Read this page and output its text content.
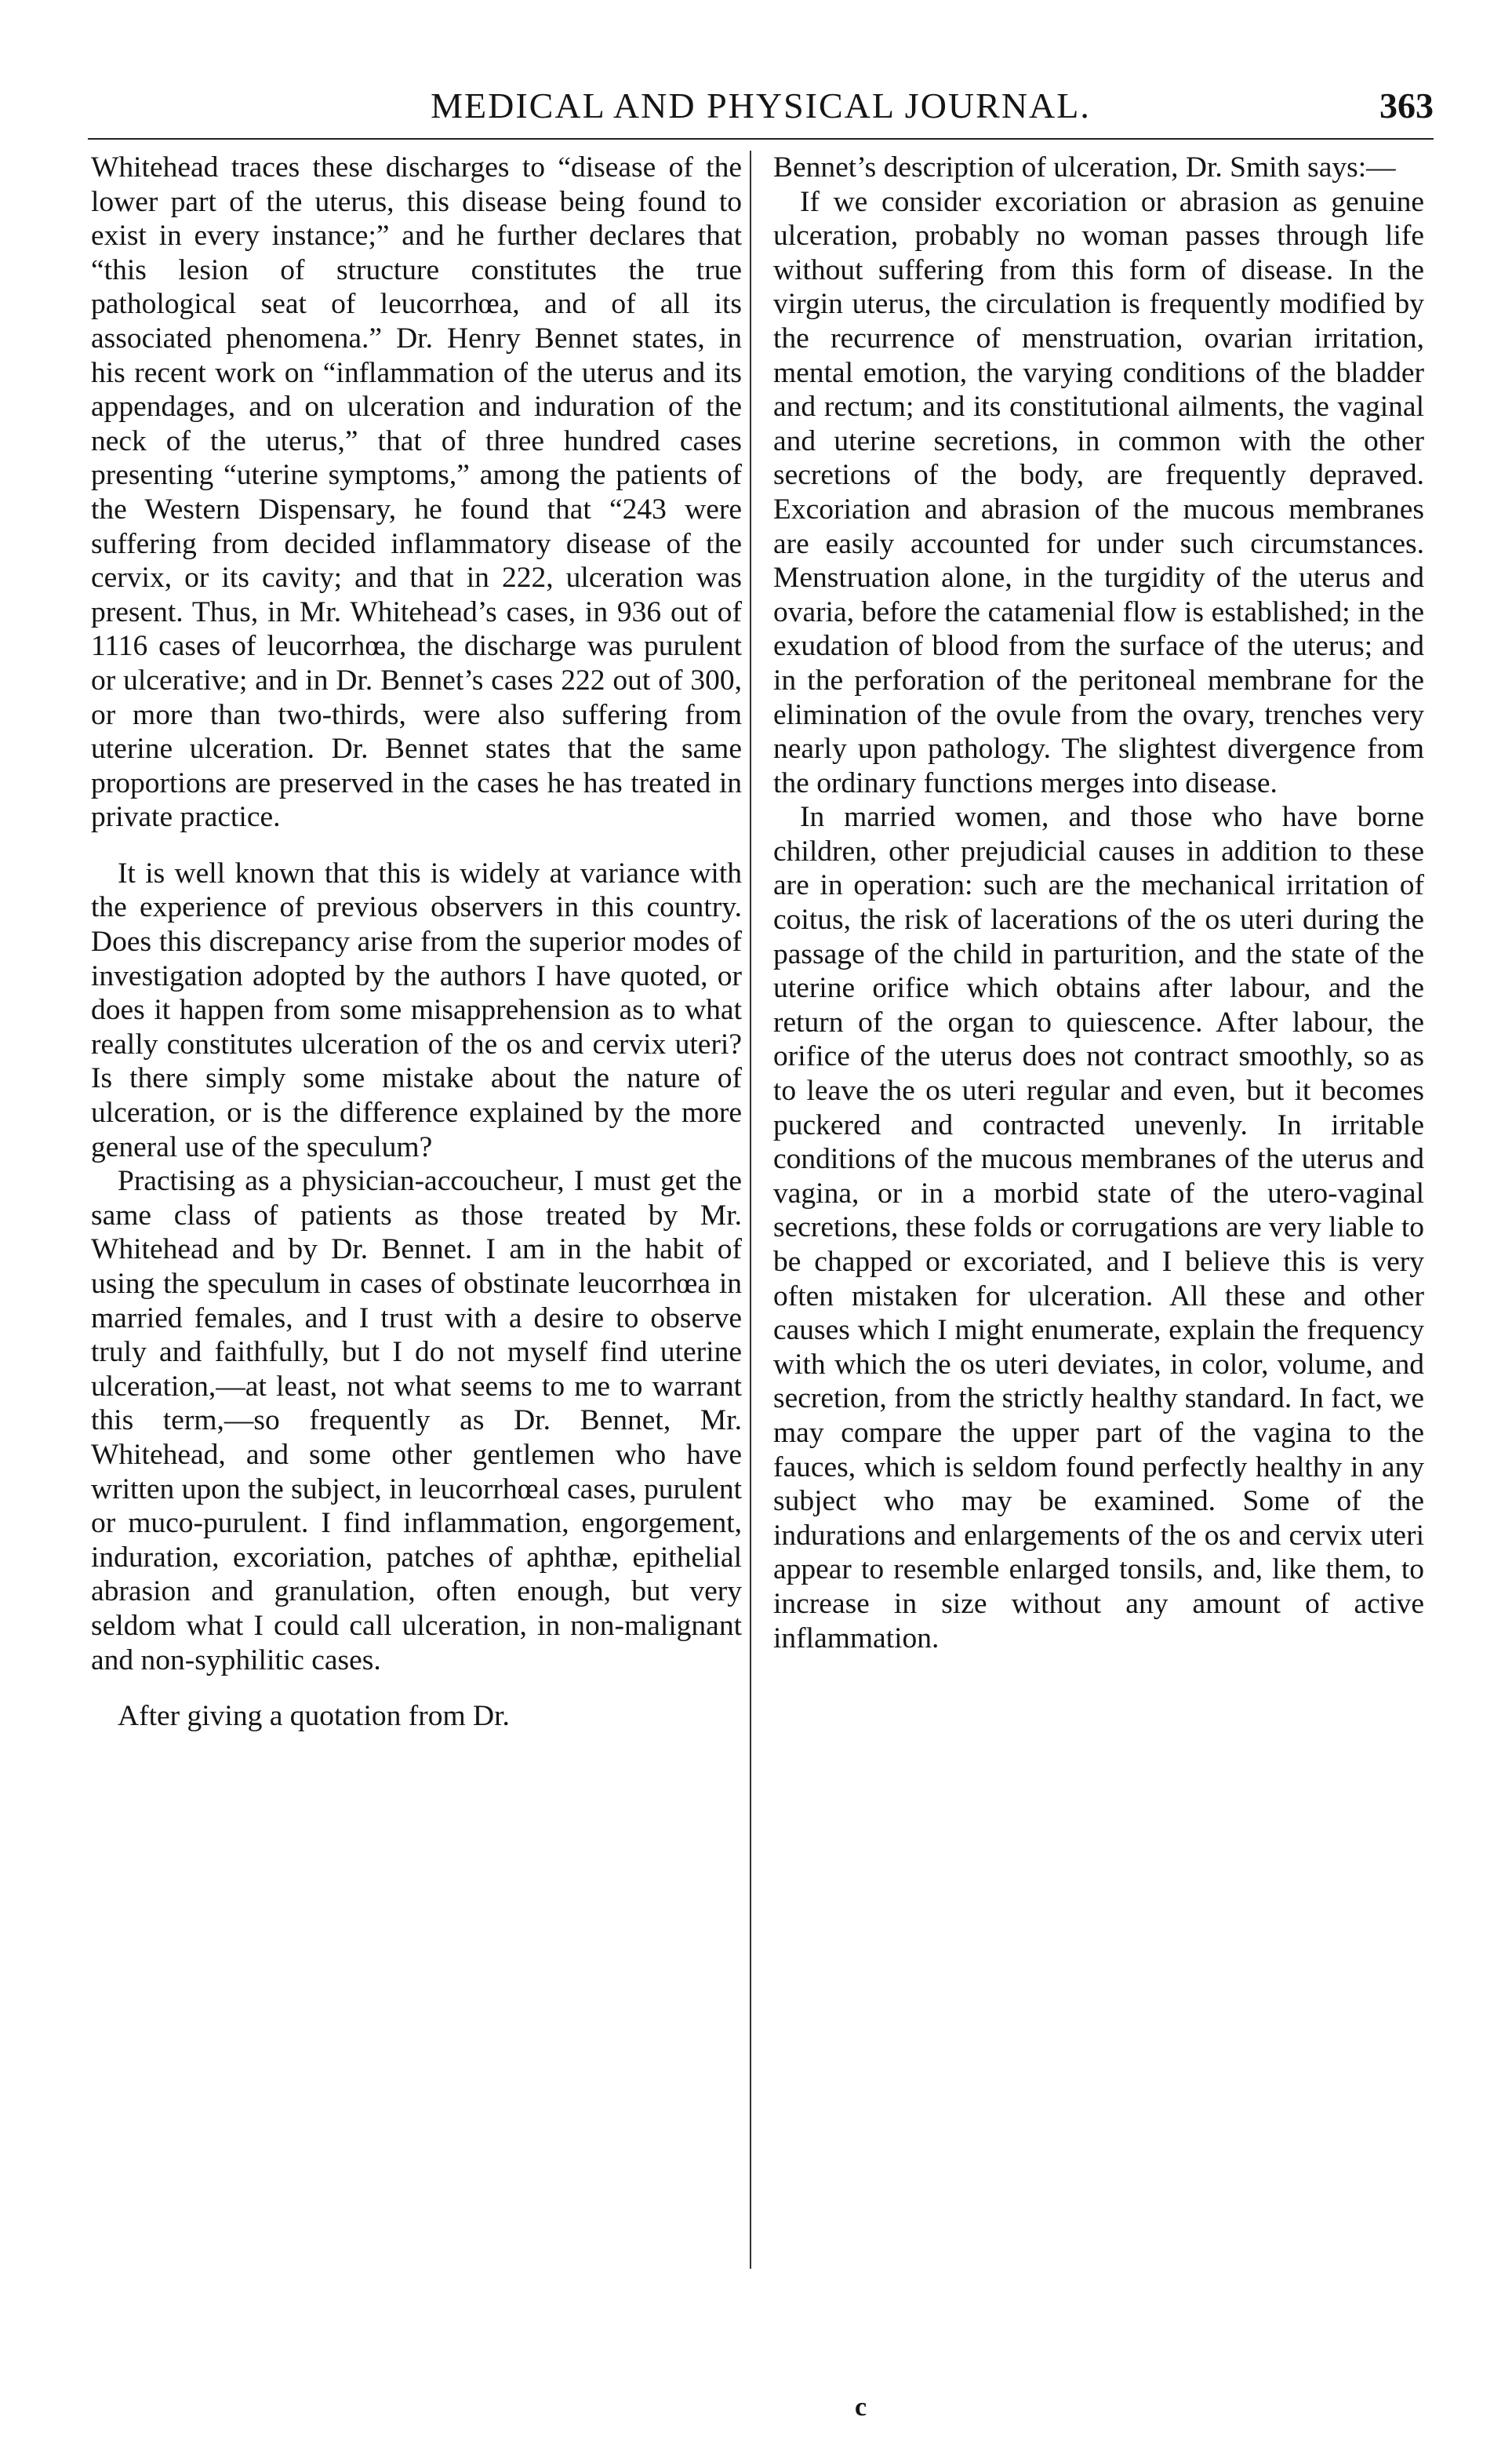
MEDICAL AND PHYSICAL JOURNAL.	363

Whitehead traces these discharges to “disease of the lower part of the uterus, this disease being found to exist in every instance;” and he further declares that “this lesion of structure constitutes the true pathological seat of leucorrhœa, and of all its associated phenomena.” Dr. Henry Bennet states, in his recent work on “inflammation of the uterus and its appendages, and on ulceration and induration of the neck of the uterus,” that of three hundred cases presenting “uterine symptoms,” among the patients of the Western Dispensary, he found that “243 were suffering from decided inflammatory disease of the cervix, or its cavity; and that in 222, ulceration was present. Thus, in Mr. Whitehead’s cases, in 936 out of 1116 cases of leucorrhœa, the discharge was purulent or ulcerative; and in Dr. Bennet’s cases 222 out of 300, or more than two-thirds, were also suffering from uterine ulceration. Dr. Bennet states that the same proportions are preserved in the cases he has treated in private practice.

It is well known that this is widely at variance with the experience of previous observers in this country. Does this discrepancy arise from the superior modes of investigation adopted by the authors I have quoted, or does it happen from some misapprehension as to what really constitutes ulceration of the os and cervix uteri? Is there simply some mistake about the nature of ulceration, or is the difference explained by the more general use of the speculum?

Practising as a physician-accoucheur, I must get the same class of patients as those treated by Mr. Whitehead and by Dr. Bennet. I am in the habit of using the speculum in cases of obstinate leucorrhœa in married females, and I trust with a desire to observe truly and faithfully, but I do not myself find uterine ulceration,—at least, not what seems to me to warrant this term,—so frequently as Dr. Bennet, Mr. Whitehead, and some other gentlemen who have written upon the subject, in leucorrhœal cases, purulent or muco-purulent. I find inflammation, engorgement, induration, excoriation, patches of aphthæ, epithelial abrasion and granulation, often enough, but very seldom what I could call ulceration, in non-malignant and non-syphilitic cases.

After giving a quotation from Dr.

Bennet’s description of ulceration, Dr. Smith says:—

If we consider excoriation or abrasion as genuine ulceration, probably no woman passes through life without suffering from this form of disease. In the virgin uterus, the circulation is frequently modified by the recurrence of menstruation, ovarian irritation, mental emotion, the varying conditions of the bladder and rectum; and its constitutional ailments, the vaginal and uterine secretions, in common with the other secretions of the body, are frequently depraved. Excoriation and abrasion of the mucous membranes are easily accounted for under such circumstances. Menstruation alone, in the turgidity of the uterus and ovaria, before the catamenial flow is established; in the exudation of blood from the surface of the uterus; and in the perforation of the peritoneal membrane for the elimination of the ovule from the ovary, trenches very nearly upon pathology. The slightest divergence from the ordinary functions merges into disease.

In married women, and those who have borne children, other prejudicial causes in addition to these are in operation: such are the mechanical irritation of coitus, the risk of lacerations of the os uteri during the passage of the child in parturition, and the state of the uterine orifice which obtains after labour, and the return of the organ to quiescence. After labour, the orifice of the uterus does not contract smoothly, so as to leave the os uteri regular and even, but it becomes puckered and contracted unevenly. In irritable conditions of the mucous membranes of the uterus and vagina, or in a morbid state of the utero-vaginal secretions, these folds or corrugations are very liable to be chapped or excoriated, and I believe this is very often mistaken for ulceration. All these and other causes which I might enumerate, explain the frequency with which the os uteri deviates, in color, volume, and secretion, from the strictly healthy standard. In fact, we may compare the upper part of the vagina to the fauces, which is seldom found perfectly healthy in any subject who may be examined. Some of the indurations and enlargements of the os and cervix uteri appear to resemble enlarged tonsils, and, like them, to increase in size without any amount of active inflammation.

c
